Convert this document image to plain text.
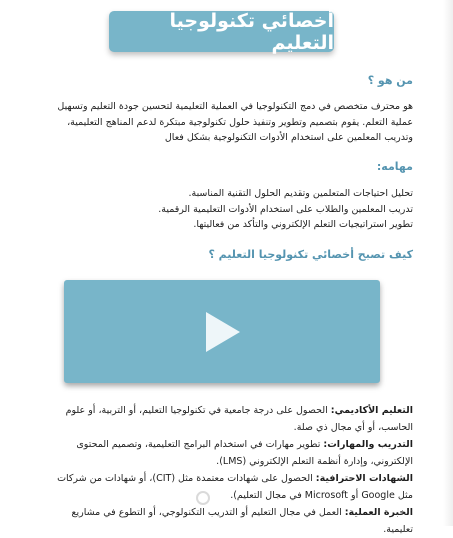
أخصائي تكنولوجيا التعليم
من هو ؟
هو محترف متخصص في دمج التكنولوجيا في العملية التعليمية لتحسين جودة التعليم وتسهيل عملية التعلم. يقوم بتصميم وتطوير وتنفيذ حلول تكنولوجية مبتكرة لدعم المناهج التعليمية، وتدريب المعلمين على استخدام الأدوات التكنولوجية بشكل فعال
مهامه:
تحليل احتياجات المتعلمين وتقديم الحلول التقنية المناسبة.
تدريب المعلمين والطلاب على استخدام الأدوات التعليمية الرقمية.
تطوير استراتيجيات التعلم الإلكتروني والتأكد من فعاليتها.
كيف تصبح أخصائي تكنولوجيا التعليم ؟

التعليم الأكاديمي: الحصول على درجة جامعية في تكنولوجيا التعليم، أو التربية، أو علوم الحاسب، أو أي مجال ذي صلة.

التدريب والمهارات: تطوير مهارات في استخدام البرامج التعليمية، وتصميم المحتوى الإلكتروني، وإدارة أنظمة التعلم الإلكتروني (LMS).

الشهادات الاحترافية: الحصول على شهادات معتمدة مثل (CIT)، أو شهادات من شركات مثل Google أو Microsoft في مجال التعليم).

الخبرة العملية: العمل في مجال التعليم أو التدريب التكنولوجي، أو التطوع في مشاريع تعليمية.
